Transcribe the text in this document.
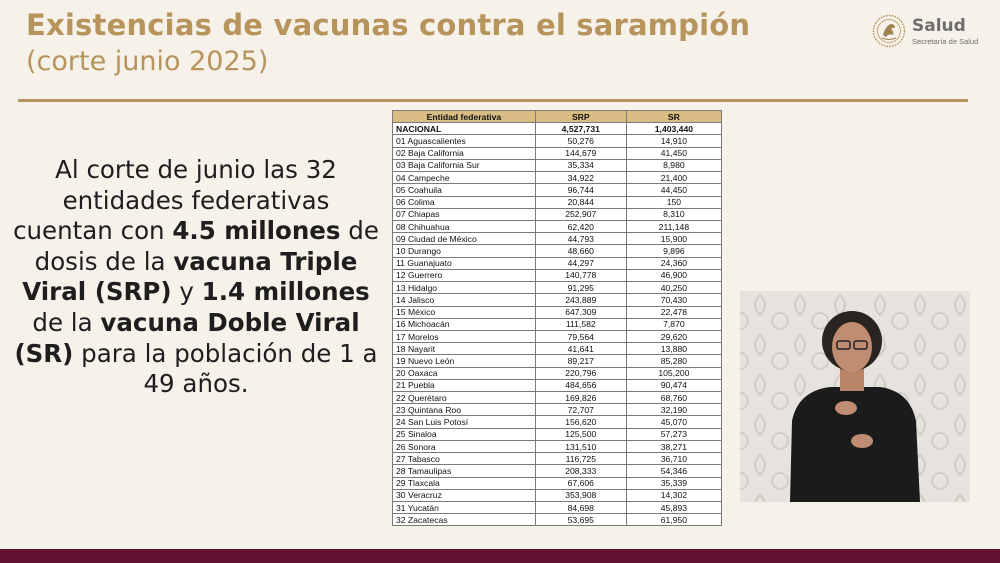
Existencias de vacunas contra el sarampión
(corte junio 2025)
Salud
Secretaría de Salud
Al corte de junio las 32 entidades federativas cuentan con 4.5 millones de dosis de la vacuna Triple Viral (SRP) y 1.4 millones de la vacuna Doble Viral (SR) para la población de 1 a 49 años.
Entidad federativa	SRP	SR
NACIONAL	4,527,731	1,403,440
01 Aguascalientes	50,276	14,910
02 Baja California	144,679	41,450
03 Baja California Sur	35,334	8,980
04 Campeche	34,922	21,400
05 Coahuila	96,744	44,450
06 Colima	20,844	150
07 Chiapas	252,907	8,310
08 Chihuahua	62,420	211,148
09 Ciudad de México	44,793	15,900
10 Durango	48,660	9,896
11 Guanajuato	44,297	24,360
12 Guerrero	140,778	46,900
13 Hidalgo	91,295	40,250
14 Jalisco	243,889	70,430
15 México	647,309	22,478
16 Michoacán	111,582	7,870
17 Morelos	79,564	29,620
18 Nayarit	41,641	13,880
19 Nuevo León	89,217	85,280
20 Oaxaca	220,796	105,200
21 Puebla	484,656	90,474
22 Querétaro	169,826	68,760
23 Quintana Roo	72,707	32,190
24 San Luis Potosí	156,620	45,070
25 Sinaloa	125,500	57,273
26 Sonora	131,510	38,271
27 Tabasco	116,725	36,710
28 Tamaulipas	208,333	54,346
29 Tlaxcala	67,606	35,339
30 Veracruz	353,908	14,302
31 Yucatán	84,698	45,893
32 Zacatecas	53,695	61,950
